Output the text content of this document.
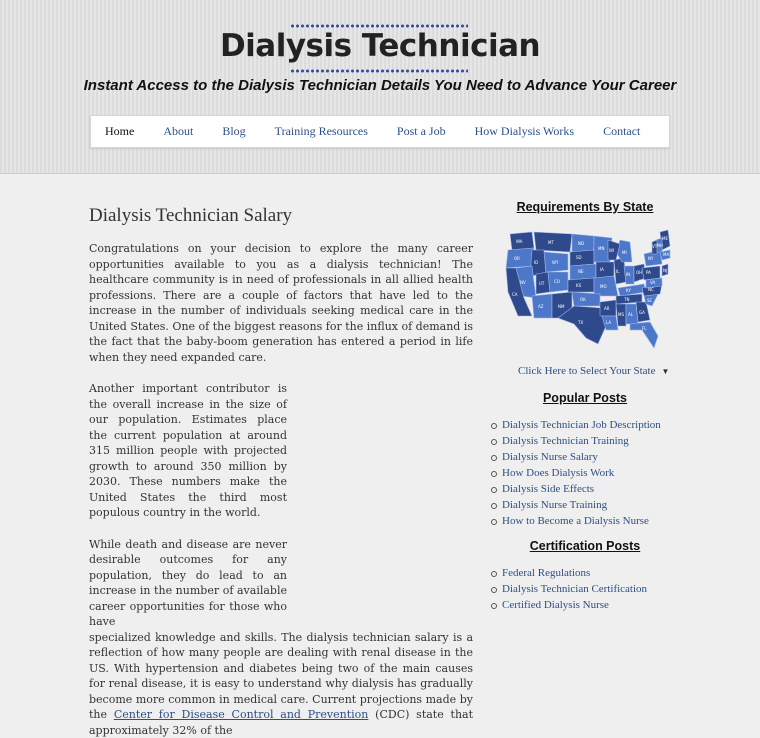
Dialysis Technician
Instant Access to the Dialysis Technician Details You Need to Advance Your Career
Home About Blog Training Resources Post a Job How Dialysis Works Contact
Dialysis Technician Salary

Congratulations on your decision to explore the many career opportunities available to you as a dialysis technician! The healthcare community is in need of professionals in all allied health professions. There are a couple of factors that have led to the increase in the number of individuals seeking medical care in the United States. One of the biggest reasons for the influx of demand is the fact that the baby-boom generation has entered a period in life when they need expanded care.

Another important contributor is the overall increase in the size of our population. Estimates place the current population at around 315 million people with projected growth to around 350 million by 2030. These numbers make the United States the third most populous country in the world.

While death and disease are never desirable outcomes for any population, they do lead to an increase in the number of available career opportunities for those who have

specialized knowledge and skills. The dialysis technician salary is a reflection of how many people are dealing with renal disease in the US. With hypertension and diabetes being two of the main causes for renal disease, it is easy to understand why dialysis has gradually become more common in medical care. Current projections made by the Center for Disease Control and Prevention (CDC) state that approximately 32% of the

Requirements By State
WA
OR
MT	ND
ID
SD
WY
MN
NE	IA
NV	UT CO
CA
KS	MO
AZ	NM
OK
TX
IL
IN OH
KY
TN
AR
LA
MS AL GA
SC
NC
FL
MI
WI
NY
PA
VA
WV
ME
VT NH
MA
NJ
Click Here to Select Your State ▼
Popular Posts
Dialysis Technician Job Description
Dialysis Technician Training
Dialysis Nurse Salary
How Does Dialysis Work
Dialysis Side Effects
Dialysis Nurse Training
How to Become a Dialysis Nurse
Certification Posts
Federal Regulations
Dialysis Technician Certification
Certified Dialysis Nurse
